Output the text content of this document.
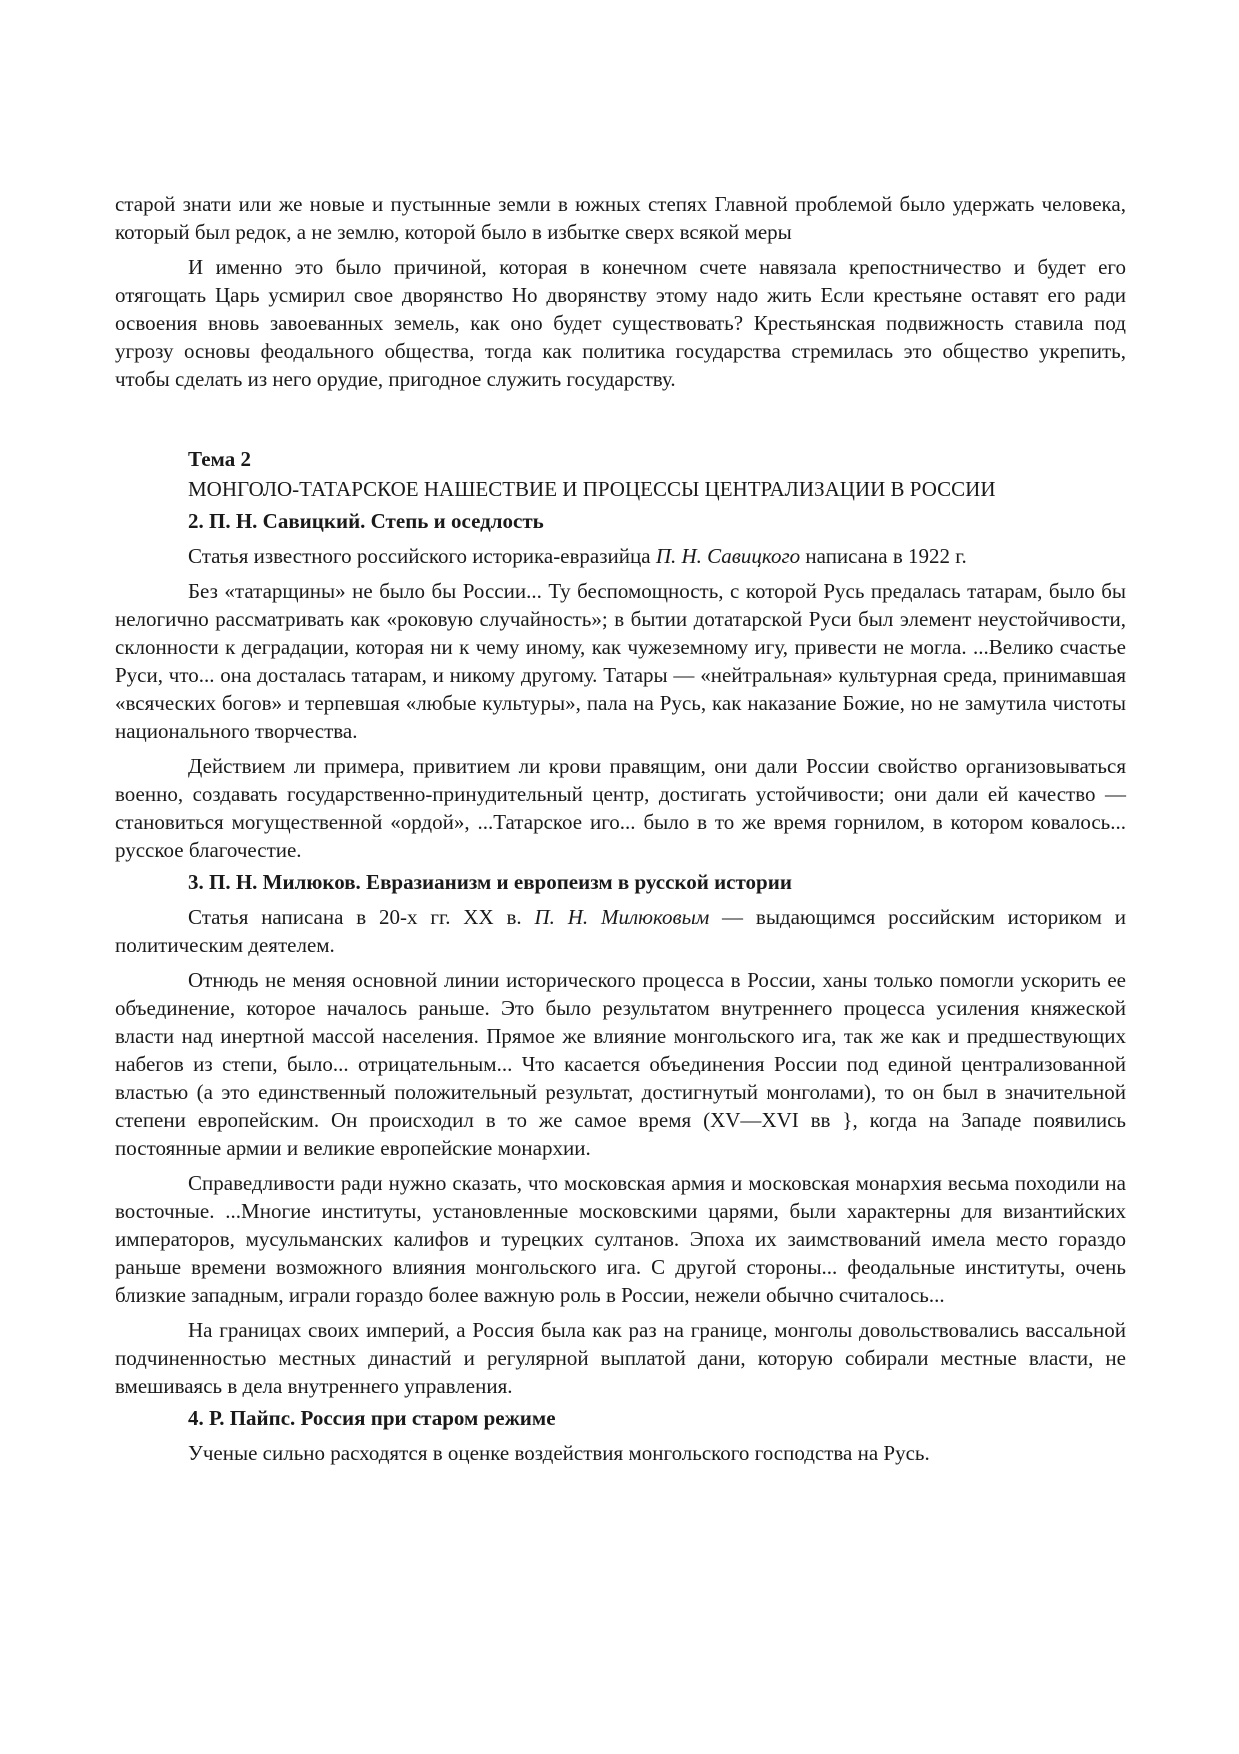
старой знати или же новые и пустынные земли в южных степях Главной проблемой было удержать человека, который был редок, а не землю, которой было в избытке сверх всякой меры

И именно это было причиной, которая в конечном счете навязала крепостничество и будет его отягощать Царь усмирил свое дворянство Но дворянству этому надо жить Если крестьяне оставят его ради освоения вновь завоеванных земель, как оно будет существовать? Крестьянская подвижность ставила под угрозу основы феодального общества, тогда как политика государства стремилась это общество укрепить, чтобы сделать из него орудие, пригодное служить государству.

Тема 2

МОНГОЛО-ТАТАРСКОЕ НАШЕСТВИЕ И ПРОЦЕССЫ ЦЕНТРАЛИЗАЦИИ В РОССИИ

2. П. Н. Савицкий. Степь и оседлость

Статья известного российского историка-евразийца П. Н. Савицкого написана в 1922 г.

Без «татарщины» не было бы России... Ту беспомощность, с которой Русь предалась татарам, было бы нелогично рассматривать как «роковую случайность»; в бытии дотатарской Руси был элемент неустойчивости, склонности к деградации, которая ни к чему иному, как чужеземному игу, привести не могла. ...Велико счастье Руси, что... она досталась татарам, и никому другому. Татары — «нейтральная» культурная среда, принимавшая «всяческих богов» и терпевшая «любые культуры», пала на Русь, как наказание Божие, но не замутила чистоты национального творчества.

Действием ли примера, привитием ли крови правящим, они дали России свойство организовываться военно, создавать государственно-принудительный центр, достигать устойчивости; они дали ей качество — становиться могущественной «ордой», ...Татарское иго... было в то же время горнилом, в котором ковалось... русское благочестие.

3. П. Н. Милюков. Евразианизм и европеизм в русской истории

Статья написана в 20-х гг. XX в. П. Н. Милюковым — выдающимся российским историком и политическим деятелем.

Отнюдь не меняя основной линии исторического процесса в России, ханы только помогли ускорить ее объединение, которое началось раньше. Это было результатом внутреннего процесса усиления княжеской власти над инертной массой населения. Прямое же влияние монгольского ига, так же как и предшествующих набегов из степи, было... отрицательным... Что касается объединения России под единой централизованной властью (а это единственный положительный результат, достигнутый монголами), то он был в значительной степени европейским. Он происходил в то же самое время (XV—XVI вв }, когда на Западе появились постоянные армии и великие европейские монархии.

Справедливости ради нужно сказать, что московская армия и московская монархия весьма походили на восточные. ...Многие институты, установленные московскими царями, были характерны для византийских императоров, мусульманских калифов и турецких султанов. Эпоха их заимствований имела место гораздо раньше времени возможного влияния монгольского ига. С другой стороны... феодальные институты, очень близкие западным, играли гораздо более важную роль в России, нежели обычно считалось...

На границах своих империй, а Россия была как раз на границе, монголы довольствовались вассальной подчиненностью местных династий и регулярной выплатой дани, которую собирали местные власти, не вмешиваясь в дела внутреннего управления.

4. Р. Пайпс. Россия при старом режиме

Ученые сильно расходятся в оценке воздействия монгольского господства на Русь.
